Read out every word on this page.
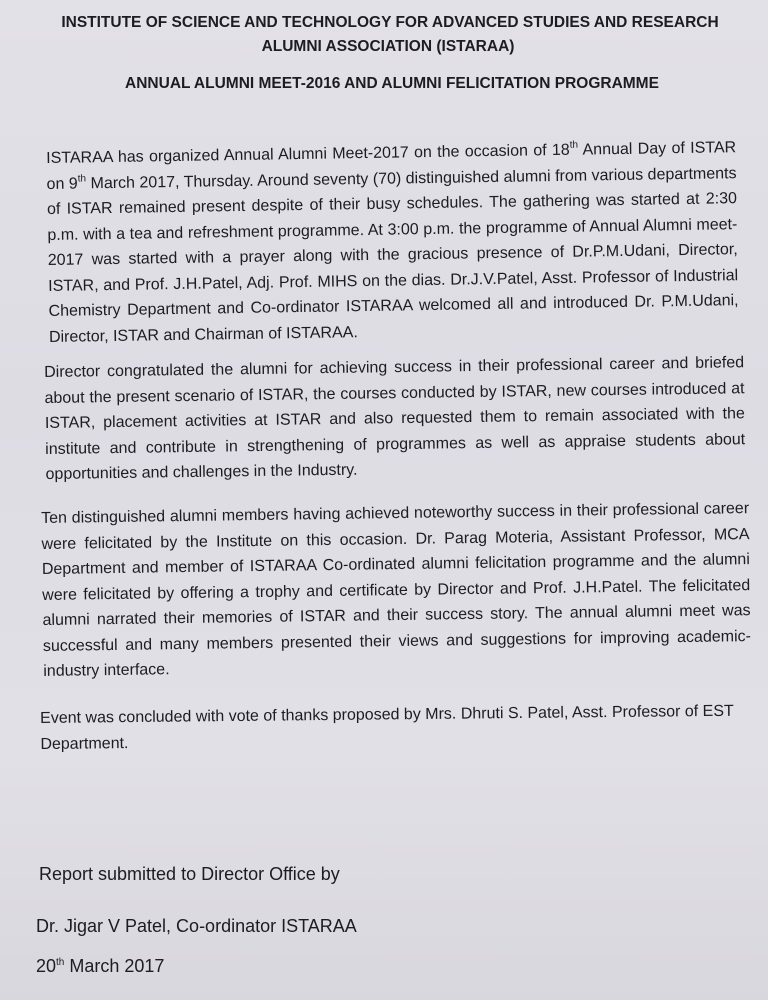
INSTITUTE OF SCIENCE AND TECHNOLOGY FOR ADVANCED STUDIES AND RESEARCH
ALUMNI ASSOCIATION (ISTARAA)
ANNUAL ALUMNI MEET-2016 AND ALUMNI FELICITATION PROGRAMME

ISTARAA has organized Annual Alumni Meet-2017 on the occasion of 18th Annual Day of ISTAR on 9th March 2017, Thursday. Around seventy (70) distinguished alumni from various departments of ISTAR remained present despite of their busy schedules. The gathering was started at 2:30 p.m. with a tea and refreshment programme. At 3:00 p.m. the programme of Annual Alumni meet-2017 was started with a prayer along with the gracious presence of Dr.P.M.Udani, Director, ISTAR, and Prof. J.H.Patel, Adj. Prof. MIHS on the dias. Dr.J.V.Patel, Asst. Professor of Industrial Chemistry Department and Co-ordinator ISTARAA welcomed all and introduced Dr. P.M.Udani, Director, ISTAR and Chairman of ISTARAA.

Director congratulated the alumni for achieving success in their professional career and briefed about the present scenario of ISTAR, the courses conducted by ISTAR, new courses introduced at ISTAR, placement activities at ISTAR and also requested them to remain associated with the institute and contribute in strengthening of programmes as well as appraise students about opportunities and challenges in the Industry.

Ten distinguished alumni members having achieved noteworthy success in their professional career were felicitated by the Institute on this occasion. Dr. Parag Moteria, Assistant Professor, MCA Department and member of ISTARAA Co-ordinated alumni felicitation programme and the alumni were felicitated by offering a trophy and certificate by Director and Prof. J.H.Patel. The felicitated alumni narrated their memories of ISTAR and their success story. The annual alumni meet was successful and many members presented their views and suggestions for improving academic- industry interface.

Event was concluded with vote of thanks proposed by Mrs. Dhruti S. Patel, Asst. Professor of EST Department.

Report submitted to Director Office by

Dr. Jigar V Patel, Co-ordinator ISTARAA

20th March 2017
